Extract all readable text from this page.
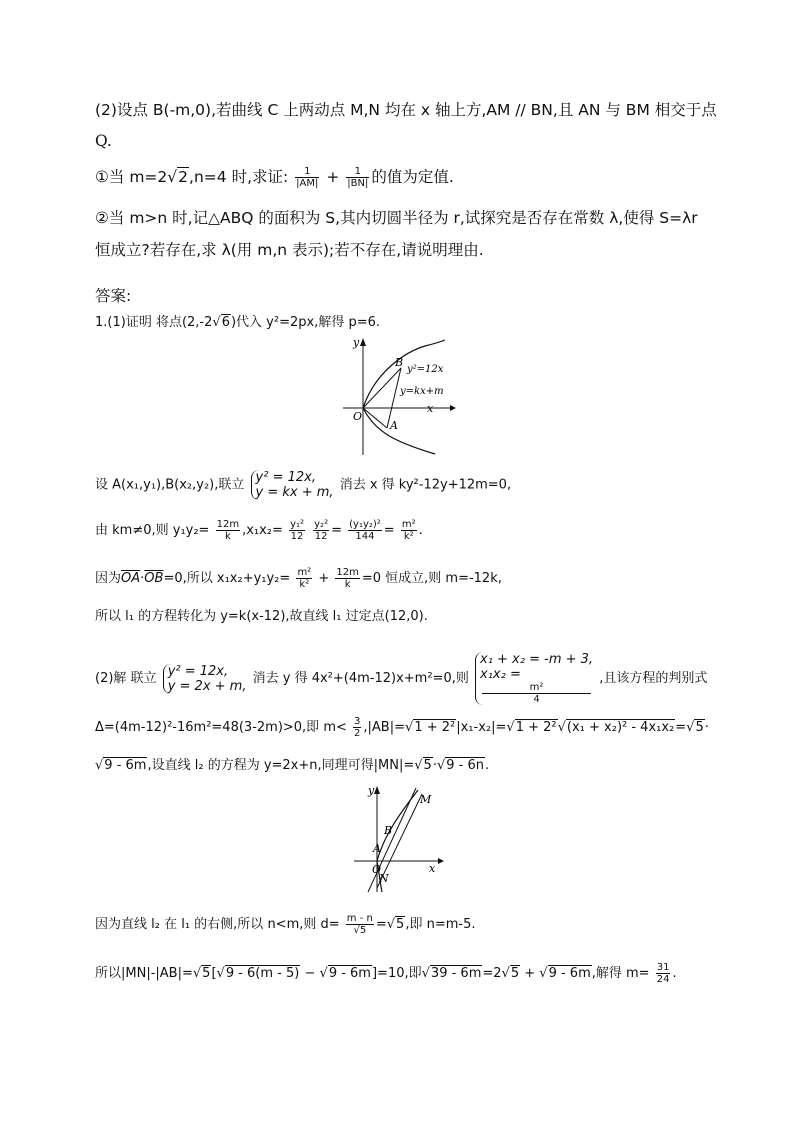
(2)设点 B(-m,0),若曲线 C 上两动点 M,N 均在 x 轴上方,AM // BN,且 AN 与 BM 相交于点
Q.
①当 m=2√2,n=4 时,求证: $\frac{1}{|AM|} + \frac{1}{|BN|}$ 的值为定值.
②当 m>n 时,记△ABQ 的面积为 S,其内切圆半径为 r,试探究是否存在常数 λ,使得 S=λr
恒成立?若存在,求 λ(用 m,n 表示);若不存在,请说明理由.
答案:
1.(1)证明 将点(2,-2√6)代入 y²=2px,解得 p=6.
y
x
O
B
A
y²=12x
y=kx+m
设 A(x₁,y₁),B(x₂,y₂),联立 y² = 12x,
y = kx + m, 消去 x 得 ky²-12y+12m=0,
由 km≠0,则 $y_1y_2= \frac{12m}{k} ,x_1x_2= \frac{\text{y₁²}}{12}$
$\frac{\text{y₂²}}{12} = \frac{\text{(y₁y₂)²}}{144} = \frac{\text{m²}}{\text{k²}}$ .
因为$\overline{OA}\cdot\overline{OB}=0$,所以 $x_1x_2+y_1y_2= \frac{\text{m²}}{\text{k²}} + \frac{12m}{k} =0$ 恒成立,则 m=-12k,
所以 l₁ 的方程转化为 y=k(x-12),故直线 l₁ 过定点(12,0).
(2)解 联立 y² = 12x,
y = 2x + m, 消去 y 得 4x²+(4m-12)x+m²=0,则
x₁ + x₂ = -m + 3,
x₁x₂ =
m²
4
,且该方程的判别式
Δ=(4m-12)²-16m²=48(3-2m)>0,即 $m< \frac{3}{2} ,|AB|=√1 + 2^2|x_1-x_2|=√1 + 2^2√(x_1 + x_2)^2 - 4x_1x_2=√5\cdot$
√9 - 6m,设直线 l₂ 的方程为 y=2x+n,同理可得|MN|=√5·√9 - 6n.
y
x
O
M
B
A
N
因为直线 l₂ 在 l₁ 的右侧,所以 n<m,则 $d= \frac{m - n}{√5} =√5$,即 n=m-5.
所以|MN|-|AB|=√5[√9 - 6(m - 5) − √9 - 6m]=10,即√39 - 6m=2√5 + √9 - 6m,解得 $m= \frac{31}{24}$ .
